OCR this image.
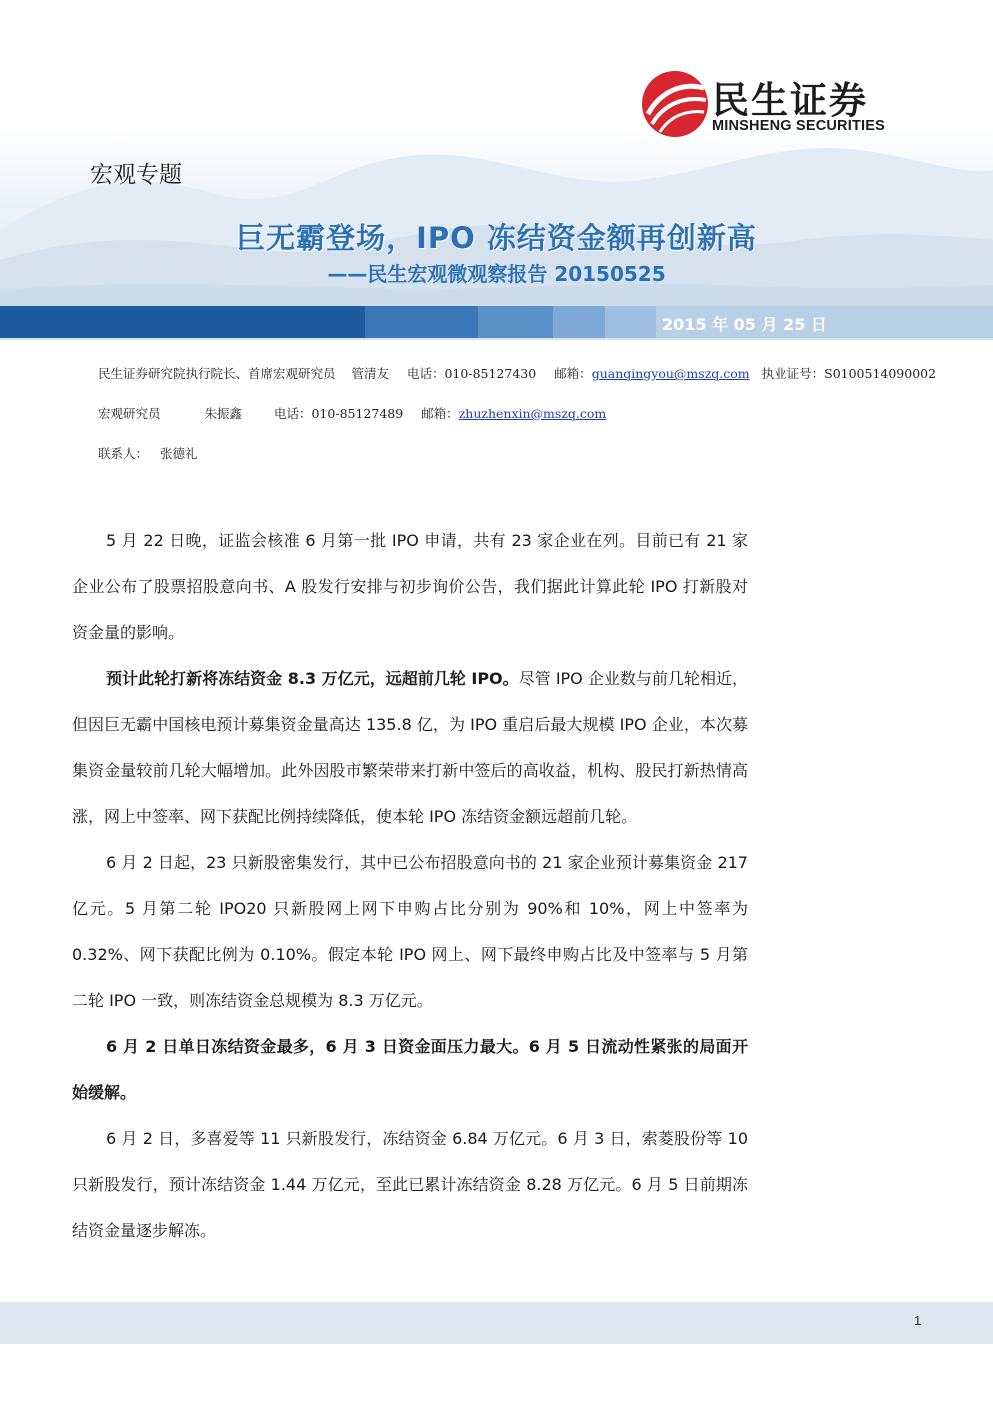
民生证券
MINSHENG SECURITIES
宏观专题
巨无霸登场，IPO 冻结资金额再创新高
——民生宏观微观察报告 20150525
2015 年 05 月 25 日
民生证券研究院执行院长、首席宏观研究员 管清友 电话：010-85127430 邮箱：guanqingyou@mszq.com 执业证号：S0100514090002
宏观研究员	朱振鑫	电话：010-85127489 邮箱：zhuzhenxin@mszq.com
联系人： 张德礼

5 月 22 日晚，证监会核准 6 月第一批 IPO 申请，共有 23 家企业在列。目前已有 21 家企业公布了股票招股意向书、A 股发行安排与初步询价公告，我们据此计算此轮 IPO 打新股对资金量的影响。

预计此轮打新将冻结资金 8.3 万亿元，远超前几轮 IPO。尽管 IPO 企业数与前几轮相近，但因巨无霸中国核电预计募集资金量高达 135.8 亿，为 IPO 重启后最大规模 IPO 企业，本次募集资金量较前几轮大幅增加。此外因股市繁荣带来打新中签后的高收益，机构、股民打新热情高涨，网上中签率、网下获配比例持续降低，使本轮 IPO 冻结资金额远超前几轮。

6 月 2 日起，23 只新股密集发行，其中已公布招股意向书的 21 家企业预计募集资金 217 亿元。5 月第二轮 IPO20 只新股网上网下申购占比分别为 90%和 10%，网上中签率为 0.32%、网下获配比例为 0.10%。假定本轮 IPO 网上、网下最终申购占比及中签率与 5 月第二轮 IPO 一致，则冻结资金总规模为 8.3 万亿元。

6 月 2 日单日冻结资金最多，6 月 3 日资金面压力最大。6 月 5 日流动性紧张的局面开始缓解。

6 月 2 日，多喜爱等 11 只新股发行，冻结资金 6.84 万亿元。6 月 3 日，索菱股份等 10 只新股发行，预计冻结资金 1.44 万亿元，至此已累计冻结资金 8.28 万亿元。6 月 5 日前期冻结资金量逐步解冻。

1
